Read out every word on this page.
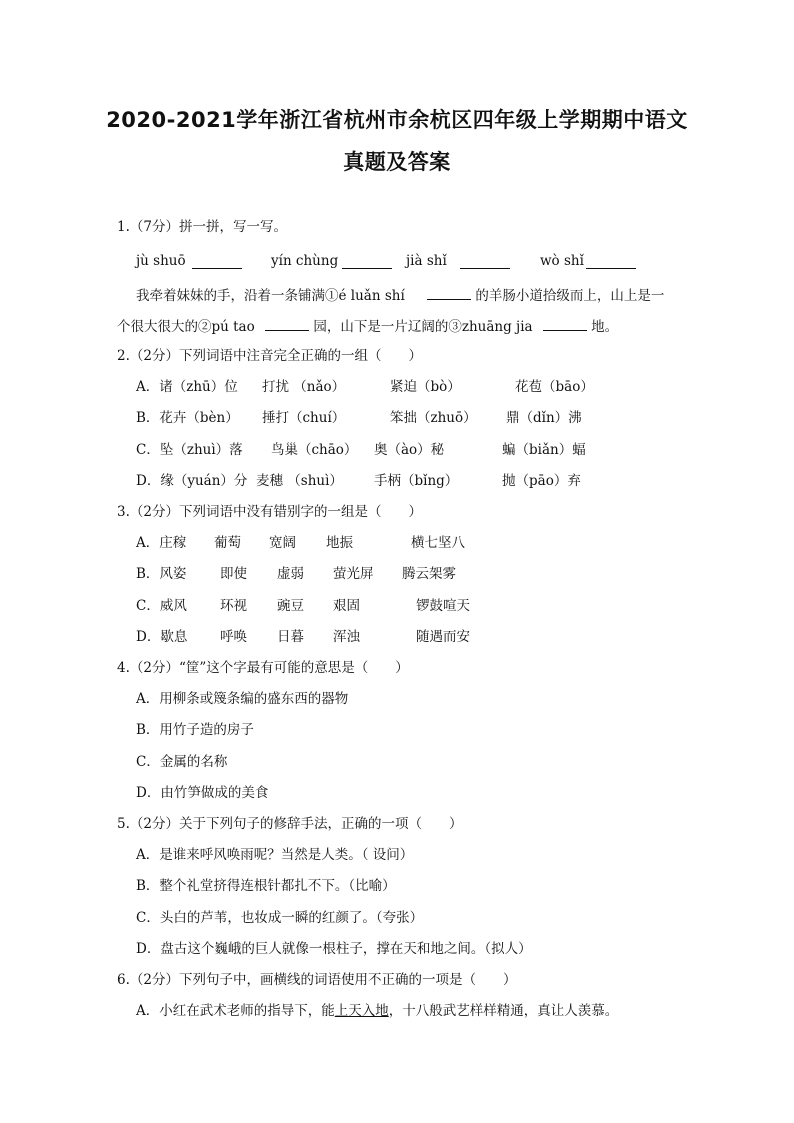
2020-2021学年浙江省杭州市余杭区四年级上学期期中语文
真题及答案
1.（7分）拼一拼，写一写。
jù shuō	yín chùng	jià shǐ	wò shǐ
我牵着妹妹的手，沿着一条铺满①é luǎn shí	的羊肠小道拾级而上，山上是一
个很大很大的②pú tao	园，山下是一片辽阔的③zhuāng jia	地。
2.（2分）下列词语中注音完全正确的一组（　　）
A．诸（zhū）位 打扰 （nǎo）	紧迫（bò）	花苞（bāo）
B．花卉（bèn） 捶打（chuí）	笨拙（zhuō） 鼎（dǐn）沸
C．坠（zhuì）落 鸟巢（chāo） 奥（ào）秘	蝙（biǎn）蝠
D．缘（yuán）分 麦穗 （shuì） 手柄（bǐng）	抛（pāo）弃
3.（2分）下列词语中没有错别字的一组是（　　）
A．庄稼 葡萄 宽阔 地振	横七坚八
B．风姿 即使 虚弱 萤光屏 腾云架雾
C．威风 环视 豌豆 艰固	锣鼓喧天
D．歇息 呼唤 日暮 浑浊	随遇而安
4.（2分）“筐”这个字最有可能的意思是（　　）
A．用柳条或篾条编的盛东西的器物
B．用竹子造的房子
C．金属的名称
D．由竹笋做成的美食
5.（2分）关于下列句子的修辞手法，正确的一项（　　）
A．是谁来呼风唤雨呢？当然是人类。（ 设问）
B．整个礼堂挤得连根针都扎不下。（比喻）
C．头白的芦苇，也妆成一瞬的红颜了。（夸张）
D．盘古这个巍峨的巨人就像一根柱子，撑在天和地之间。（拟人）
6.（2分）下列句子中，画横线的词语使用不正确的一项是（　　）
A．小红在武术老师的指导下，能上天入地，十八般武艺样样精通，真让人羡慕。
